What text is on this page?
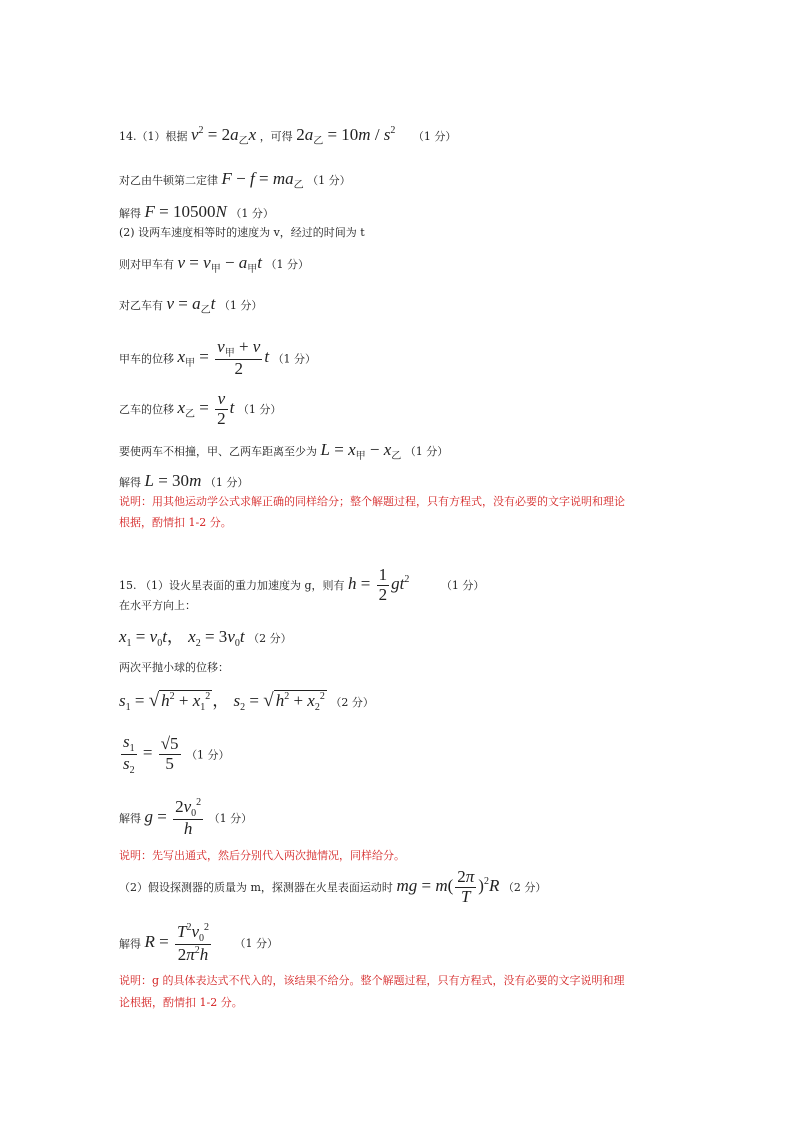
14.（1）根据 $v^2 = 2a_乙x$ ，可得 $2a_乙 = 10m / s^2$ （1 分）
对乙由牛顿第二定律 $F - f = ma_乙$ （1 分）
解得 F = 10500N （1 分）
(2) 设两车速度相等时的速度为 v，经过的时间为 t
则对甲车有 $v = v_甲 - a_甲t$ （1 分）
对乙车有 $v = a_乙t$ （1 分）
甲车的位移 $x_甲 = \frac{v_甲 + v}{2}$ t （1 分）
乙车的位移 $x_乙 = \frac{v}{2}$ t （1 分）
要使两车不相撞，甲、乙两车距离至少为 $L = x_甲 - x_乙$ （1 分）
解得 L = 30m （1 分）
说明：用其他运动学公式求解正确的同样给分；整个解题过程，只有方程式，没有必要的文字说明和理论
根据，酌情扣 1-2 分。
15. （1）设火星表面的重力加速度为 g，则有 $h = \frac{1}{2} gt^2$	（1 分）
在水平方向上：
$x_1 = v_0t$， $x_2 = 3v_0t$ （2 分）
两次平抛小球的位移：
$s_1$ = √ $h^2 + x_1^2$ ， $s_2$ = √ $h^2 + x_2^2$ （2 分）
$\frac{s_1}{s_2} = \frac{√5}{5} (1$ 分）
解得 $g = \frac{2v_0^2}{h} (1$ 分）
说明：先写出通式，然后分别代入两次抛情况，同样给分。
（2）假设探测器的质量为 m，探测器在火星表面运动时 mg = $m( \frac{2\pi}{T} )^2R$ （2 分）
解得 $R = \frac{T^2v_0^2}{2\pi^2h} (1$ 分）
说明：g 的具体表达式不代入的，该结果不给分。整个解题过程，只有方程式，没有必要的文字说明和理
论根据，酌情扣 1-2 分。
